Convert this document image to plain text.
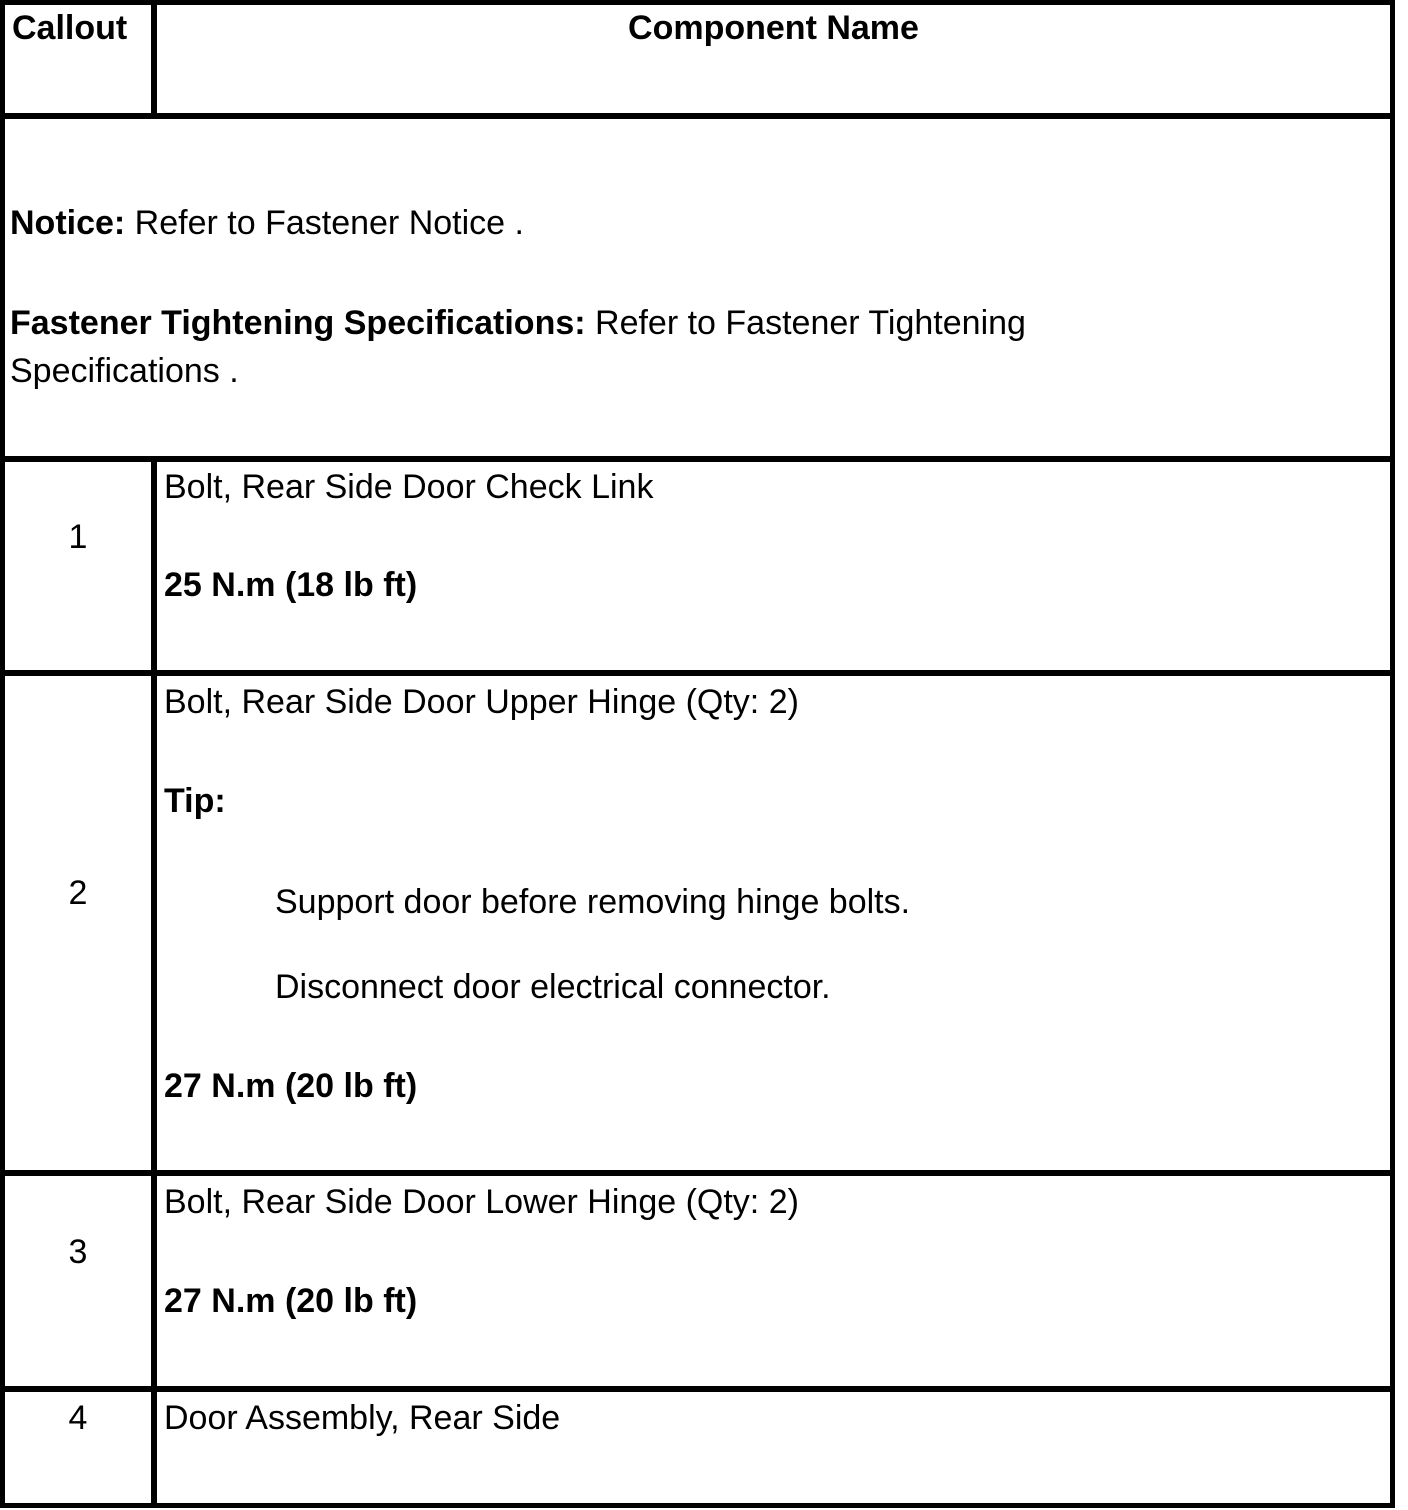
Callout	Component Name
Notice: Refer to Fastener Notice .
Fastener Tightening Specifications: Refer to Fastener Tightening
Specifications .
1
Bolt, Rear Side Door Check Link
25 N.m (18 lb ft)
2
Bolt, Rear Side Door Upper Hinge (Qty: 2)
Tip:
Support door before removing hinge bolts.
Disconnect door electrical connector.
27 N.m (20 lb ft)
3
Bolt, Rear Side Door Lower Hinge (Qty: 2)
27 N.m (20 lb ft)
4	Door Assembly, Rear Side
